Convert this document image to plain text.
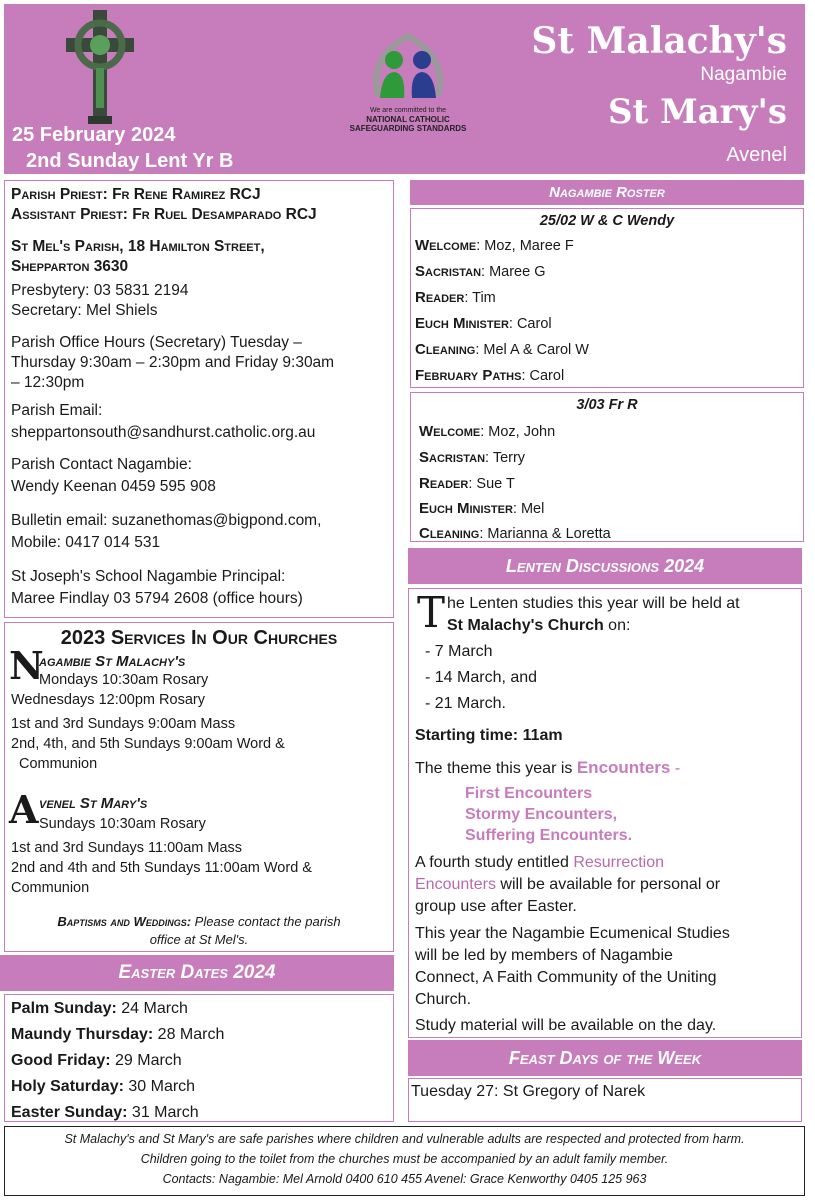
25 February 2024
2nd Sunday Lent Yr B
We are committed to the
NATIONAL CATHOLIC
SAFEGUARDING STANDARDS
St Malachy's
Nagambie
St Mary's
Avenel
Parish Priest: Fr Rene Ramirez RCJ
Assistant Priest: Fr Ruel Desamparado RCJ
St Mel's Parish, 18 Hamilton Street,
Shepparton 3630
Presbytery: 03 5831 2194
Secretary: Mel Shiels
Parish Office Hours (Secretary) Tuesday –
Thursday 9:30am – 2:30pm and Friday 9:30am
– 12:30pm
Parish Email:
sheppartonsouth@sandhurst.catholic.org.au
Parish Contact Nagambie:
Wendy Keenan 0459 595 908
Bulletin email: suzanethomas@bigpond.com,
Mobile: 0417 014 531
St Joseph's School Nagambie Principal:
Maree Findlay 03 5794 2608 (office hours)
2023 Services In Our Churches
N
agambie St Malachy's
Mondays 10:30am Rosary
Wednesdays 12:00pm Rosary
1st and 3rd Sundays 9:00am Mass
2nd, 4th, and 5th Sundays 9:00am Word &
Communion
A venel St Mary's
Sundays 10:30am Rosary
1st and 3rd Sundays 11:00am Mass
2nd and 4th and 5th Sundays 11:00am Word &
Communion
Baptisms and Weddings: Please contact the parish
office at St Mel's.
Easter Dates 2024
Palm Sunday: 24 March
Maundy Thursday: 28 March
Good Friday: 29 March
Holy Saturday: 30 March
Easter Sunday: 31 March
Nagambie Roster
25/02 W & C Wendy
Welcome: Moz, Maree F
Sacristan: Maree G
Reader: Tim
Euch Minister: Carol
Cleaning: Mel A & Carol W
February Paths: Carol
3/03 Fr R
Welcome: Moz, John
Sacristan: Terry
Reader: Sue T
Euch Minister: Mel
Cleaning: Marianna & Loretta
Lenten Discussions 2024
T he Lenten studies this year will be held at
St Malachy's Church on:
- 7 March
- 14 March, and
- 21 March.
Starting time: 11am
The theme this year is Encounters -
First Encounters
Stormy Encounters,
Suffering Encounters.
A fourth study entitled Resurrection
Encounters will be available for personal or
group use after Easter.
This year the Nagambie Ecumenical Studies
will be led by members of Nagambie
Connect, A Faith Community of the Uniting
Church.
Study material will be available on the day.
Feast Days of the Week
Tuesday 27: St Gregory of Narek
St Malachy's and St Mary's are safe parishes where children and vulnerable adults are respected and protected from harm.
Children going to the toilet from the churches must be accompanied by an adult family member.
Contacts: Nagambie: Mel Arnold 0400 610 455 Avenel: Grace Kenworthy 0405 125 963
